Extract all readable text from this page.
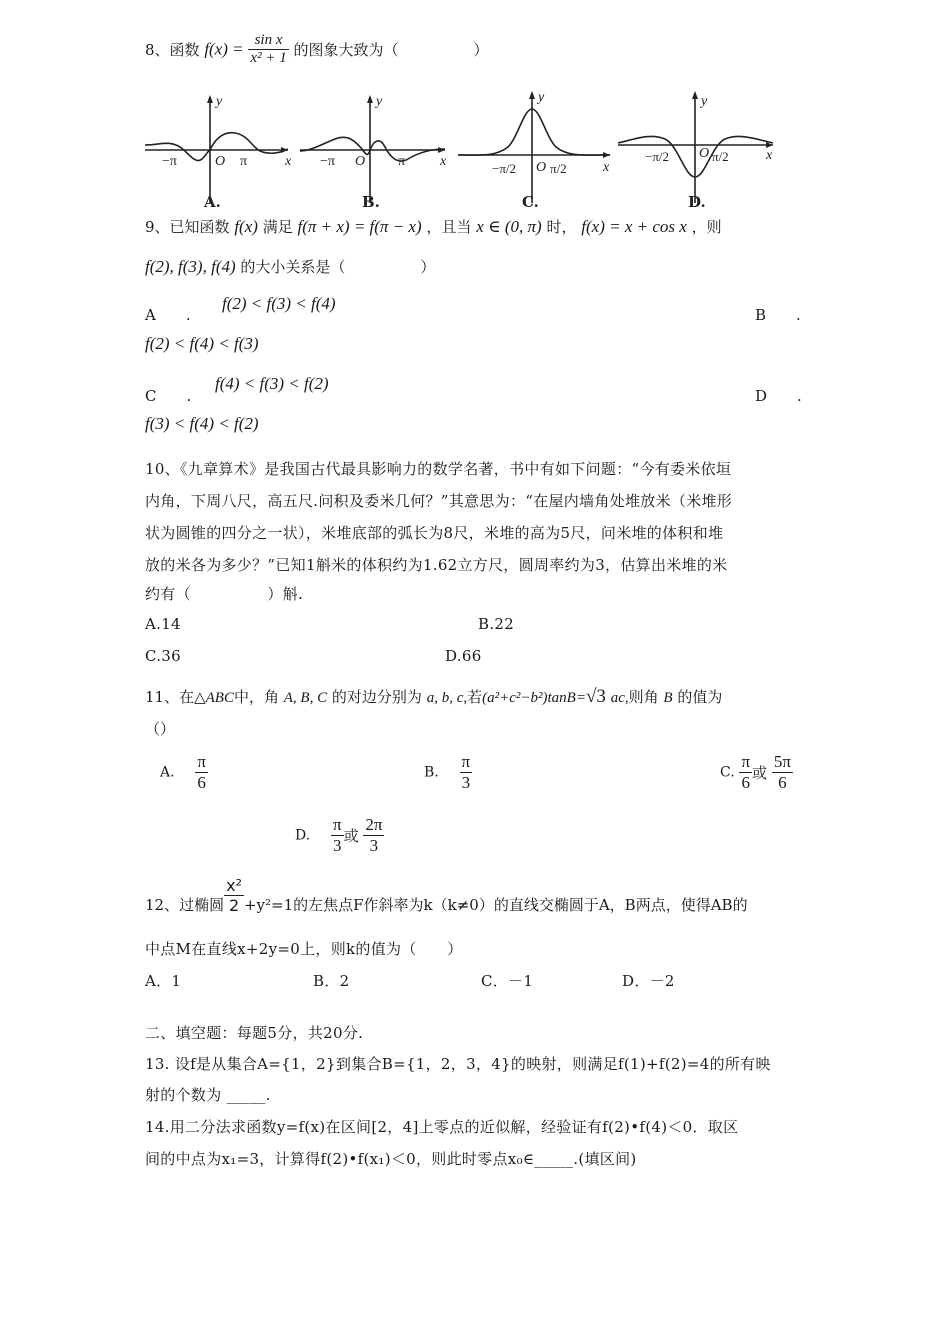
8、函数 $f(x) = \frac{\text{sin x}}{\text{x² + 1}}$ 的图象大致为（　　　　　）
−π	O π	x
y
A.
−π O π x
y
B.
−π/2 O π/2	x
y
C.
−π/2 O π/2	x
y
D.
9、已知函数 f(x) 满足 f(π + x) = f(π − x) ，且当 x ∈ (0, π) 时， f(x) = x + cos x ，则
f(2), f(3), f(4) 的大小关系是（　　　　　）
A　　.
f(2) < f(3) < f(4)
B　　.
f(2) < f(4) < f(3)
C　　.
f(4) < f(3) < f(2)
D　　.
f(3) < f(4) < f(2)
10、《九章算术》是我国古代最具影响力的数学名著，书中有如下问题：“今有委米依垣
内角，下周八尺，高五尺.问积及委米几何？”其意思为：“在屋内墙角处堆放米（米堆形
状为圆锥的四分之一状），米堆底部的弧长为8尺，米堆的高为5尺，问米堆的体积和堆
放的米各为多少？”已知1斛米的体积约为1.62立方尺，圆周率约为3，估算出米堆的米
约有（　　　　　）斛.
A.14	B.22
C.36	D.66
11、在△ABC中，角 A, B, C 的对边分别为 a, b, c,若(a²+c²−b²)tanB=√3 ac,则角 B 的值为
（）
A. $\frac{\pi}{6}$	B. $\frac{\pi}{3}$	C. $\frac{\pi}{6}$ 或 $\frac{5\pi}{6}$
D. $\frac{\pi}{3}$ 或 $\frac{2\pi}{3}$
12、过椭圆 $\frac{\text{x²}}{2} +y^2=1$的左焦点F作斜率为k（k≠0）的直线交椭圆于A，B两点，使得AB的
中点M在直线x+2y=0上，则k的值为（　　）
A．1	B．2	C．－1	D．－2
二、填空题：每题5分，共20分.
13. 设f是从集合A={1，2}到集合B={1，2，3，4}的映射，则满足f(1)+f(2)=4的所有映
射的个数为 _____.
14.用二分法求函数y=f(x)在区间[2，4]上零点的近似解，经验证有f(2)•f(4)＜0．取区
间的中点为x₁=3，计算得f(2)•f(x₁)＜0，则此时零点x₀∈_____.(填区间)
